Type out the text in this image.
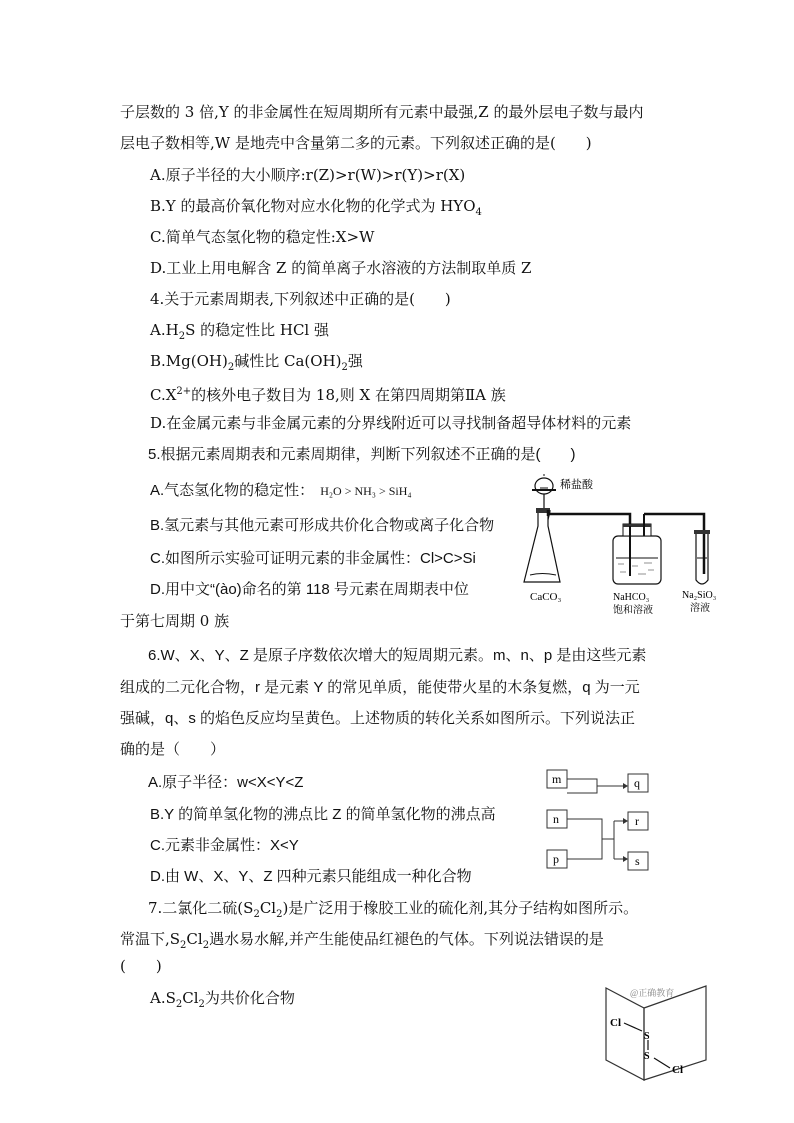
子层数的 3 倍,Y 的非金属性在短周期所有元素中最强,Z 的最外层电子数与最内
层电子数相等,W 是地壳中含量第二多的元素。下列叙述正确的是(　　)
A.原子半径的大小顺序:r(Z)>r(W)>r(Y)>r(X)
B.Y 的最高价氧化物对应水化物的化学式为 $HYO_4$
C.简单气态氢化物的稳定性:X>W
D.工业上用电解含 Z 的简单离子水溶液的方法制取单质 Z
4.关于元素周期表,下列叙述中正确的是(　　)
$A.H_2S$ 的稳定性比 HCl 强
$B.Mg(OH)_2$碱性比 $Ca(OH)_2$强
$C.X^{2+}$的核外电子数目为 18,则 X 在第四周期第ⅡA 族
D.在金属元素与非金属元素的分界线附近可以寻找制备超导体材料的元素
5.根据元素周期表和元素周期律，判断下列叙述不正确的是(　　)
A.气态氢化物的稳定性： H₂O > NH₃ > SiH₄
B.氢元素与其他元素可形成共价化合物或离子化合物
C.如图所示实验可证明元素的非金属性：Cl>C>Si
D.用中文“(ào)命名的第 118 号元素在周期表中位
于第七周期 0 族
稀盐酸
CaCO₃	NaHCO₃
饱和溶液
Na₂SiO₃
溶液
6.W、X、Y、Z 是原子序数依次增大的短周期元素。m、n、p 是由这些元素
组成的二元化合物，r 是元素 Y 的常见单质，能使带火星的木条复燃，q 为一元
强碱，q、s 的焰色反应均呈黄色。上述物质的转化关系如图所示。下列说法正
确的是（　　）
A.原子半径：w<X<Y<Z
B.Y 的简单氢化物的沸点比 Z 的简单氢化物的沸点高
C.元素非金属性：X<Y
D.由 W、X、Y、Z 四种元素只能组成一种化合物
m
n
p
q
r
s
7.二氯化二硫$(S_2Cl_2)$是广泛用于橡胶工业的硫化剂,其分子结构如图所示。
常温下$,S_2Cl_2$遇水易水解,并产生能使品红褪色的气体。下列说法错误的是
(　　)
$A.S_2Cl_2$为共价化合物	@正确教育
Cl
S
S
Cl
